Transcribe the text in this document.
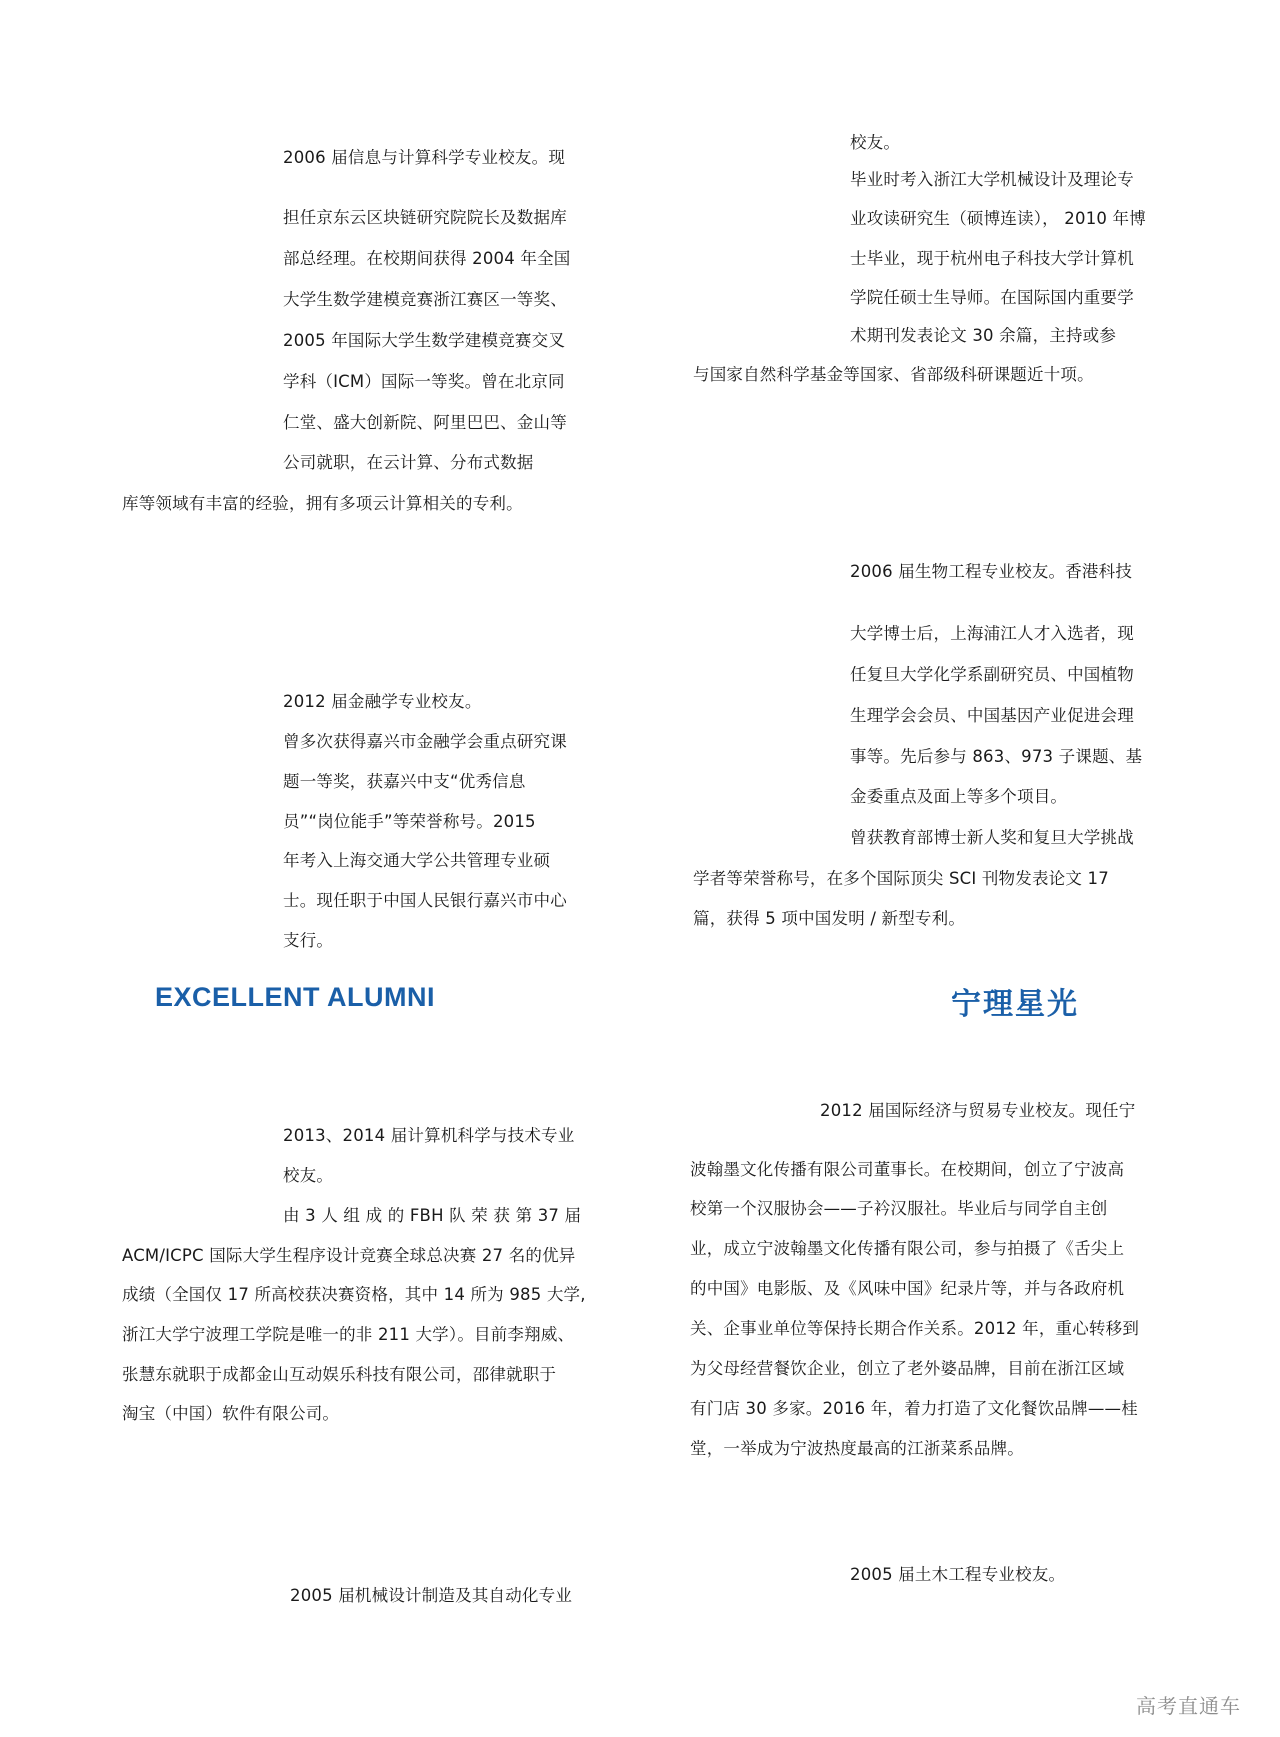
2006 届信息与计算科学专业校友。现

担任京东云区块链研究院院长及数据库

部总经理。在校期间获得 2004 年全国

大学生数学建模竞赛浙江赛区一等奖、

2005 年国际大学生数学建模竞赛交叉

学科（ICM）国际一等奖。曾在北京同

仁堂、盛大创新院、阿里巴巴、金山等

公司就职，在云计算、分布式数据

库等领域有丰富的经验，拥有多项云计算相关的专利。

校友。

毕业时考入浙江大学机械设计及理论专

业攻读研究生（硕博连读）， 2010 年博

士毕业，现于杭州电子科技大学计算机

学院任硕士生导师。在国际国内重要学

术期刊发表论文 30 余篇，主持或参

与国家自然科学基金等国家、省部级科研课题近十项。

2006 届生物工程专业校友。香港科技

大学博士后，上海浦江人才入选者，现

任复旦大学化学系副研究员、中国植物

生理学会会员、中国基因产业促进会理

事等。先后参与 863、973 子课题、基

金委重点及面上等多个项目。

曾获教育部博士新人奖和复旦大学挑战

学者等荣誉称号，在多个国际顶尖 SCI 刊物发表论文 17

篇，获得 5 项中国发明 / 新型专利。

2012 届金融学专业校友。

曾多次获得嘉兴市金融学会重点研究课

题一等奖，获嘉兴中支“优秀信息

员”“岗位能手”等荣誉称号。2015

年考入上海交通大学公共管理专业硕

士。现任职于中国人民银行嘉兴市中心

支行。

EXCELLENT ALUMNI	宁理星光

2013、2014 届计算机科学与技术专业

校友。

由 3 人 组 成 的 FBH 队 荣 获 第 37 届

ACM/ICPC 国际大学生程序设计竞赛全球总决赛 27 名的优异

成绩（全国仅 17 所高校获决赛资格，其中 14 所为 985 大学,

浙江大学宁波理工学院是唯一的非 211 大学）。目前李翔威、

张慧东就职于成都金山互动娱乐科技有限公司，邵律就职于

淘宝（中国）软件有限公司。

2012 届国际经济与贸易专业校友。现任宁

波翰墨文化传播有限公司董事长。在校期间，创立了宁波高

校第一个汉服协会——子衿汉服社。毕业后与同学自主创

业，成立宁波翰墨文化传播有限公司，参与拍摄了《舌尖上

的中国》电影版、及《风味中国》纪录片等，并与各政府机

关、企事业单位等保持长期合作关系。2012 年，重心转移到

为父母经营餐饮企业，创立了老外婆品牌，目前在浙江区域

有门店 30 多家。2016 年，着力打造了文化餐饮品牌——桂

堂，一举成为宁波热度最高的江浙菜系品牌。

2005 届机械设计制造及其自动化专业

2005 届土木工程专业校友。

高考直通车
